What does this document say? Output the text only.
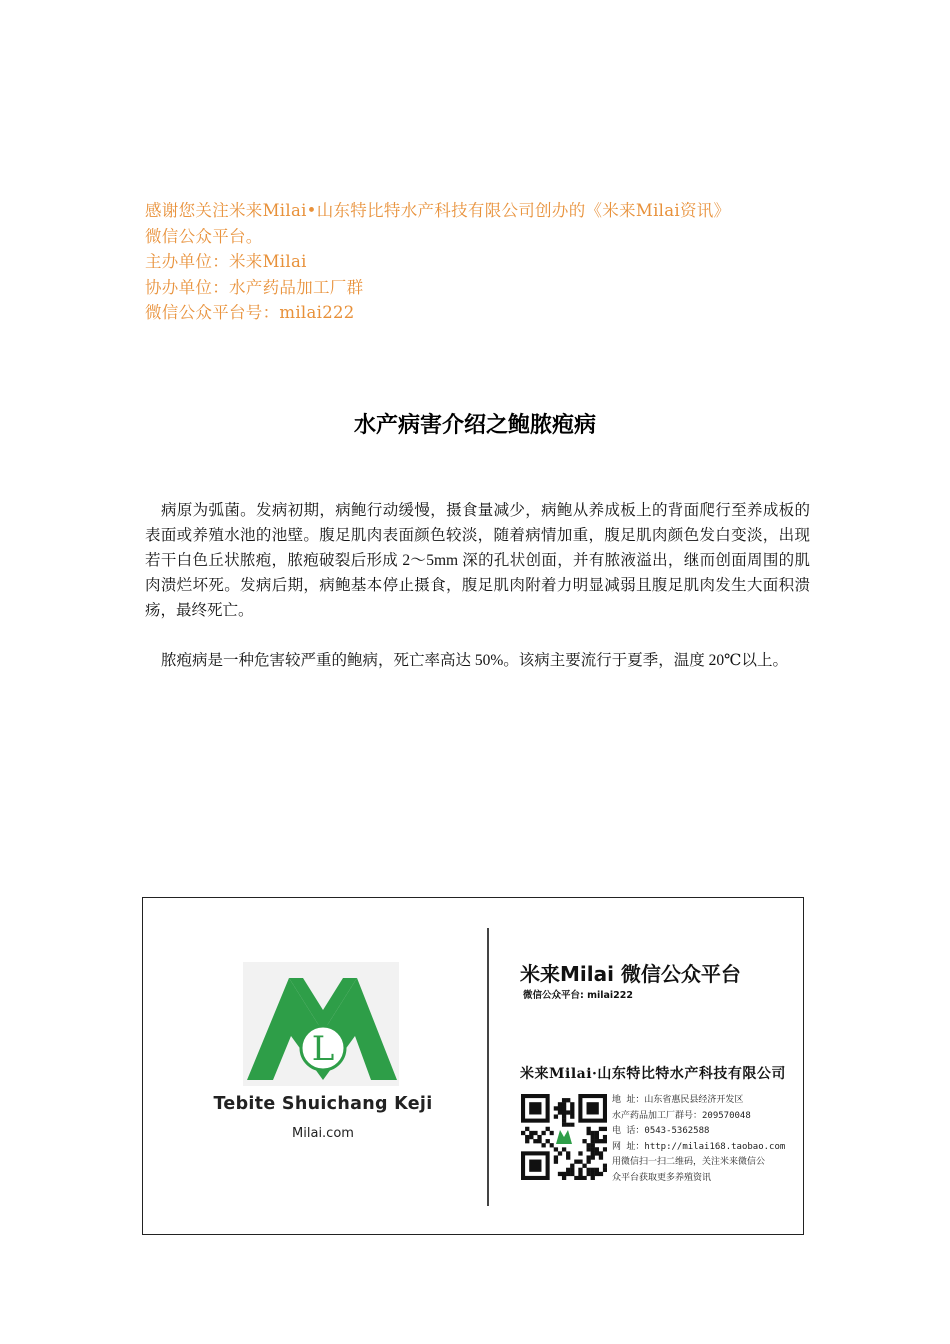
感谢您关注米来Milai•山东特比特水产科技有限公司创办的《米来Milai资讯》
微信公众平台。
主办单位：米来Milai
协办单位：水产药品加工厂群
微信公众平台号：milai222
水产病害介绍之鲍脓疱病
病原为弧菌。发病初期，病鲍行动缓慢，摄食量减少，病鲍从养成板上的背面爬行至养成板的表面或养殖水池的池壁。腹足肌肉表面颜色较淡，随着病情加重，腹足肌肉颜色发白变淡，出现若干白色丘状脓疱，脓疱破裂后形成 2～5mm 深的孔状创面，并有脓液溢出，继而创面周围的肌肉溃烂坏死。发病后期，病鲍基本停止摄食，腹足肌肉附着力明显减弱且腹足肌肉发生大面积溃疡，最终死亡。
脓疱病是一种危害较严重的鲍病，死亡率高达 50%。该病主要流行于夏季，温度 20℃以上。
L
Tebite Shuichang Keji
Milai.com
米来Milai 微信公众平台
微信公众平台: milai222
米来Milai·山东特比特水产科技有限公司
地 址：山东省惠民县经济开发区
水产药品加工厂群号：209570048
电 话：0543-5362588
网 址：http://milai168.taobao.com
用微信扫一扫二维码，关注米来微信公
众平台获取更多养殖资讯
